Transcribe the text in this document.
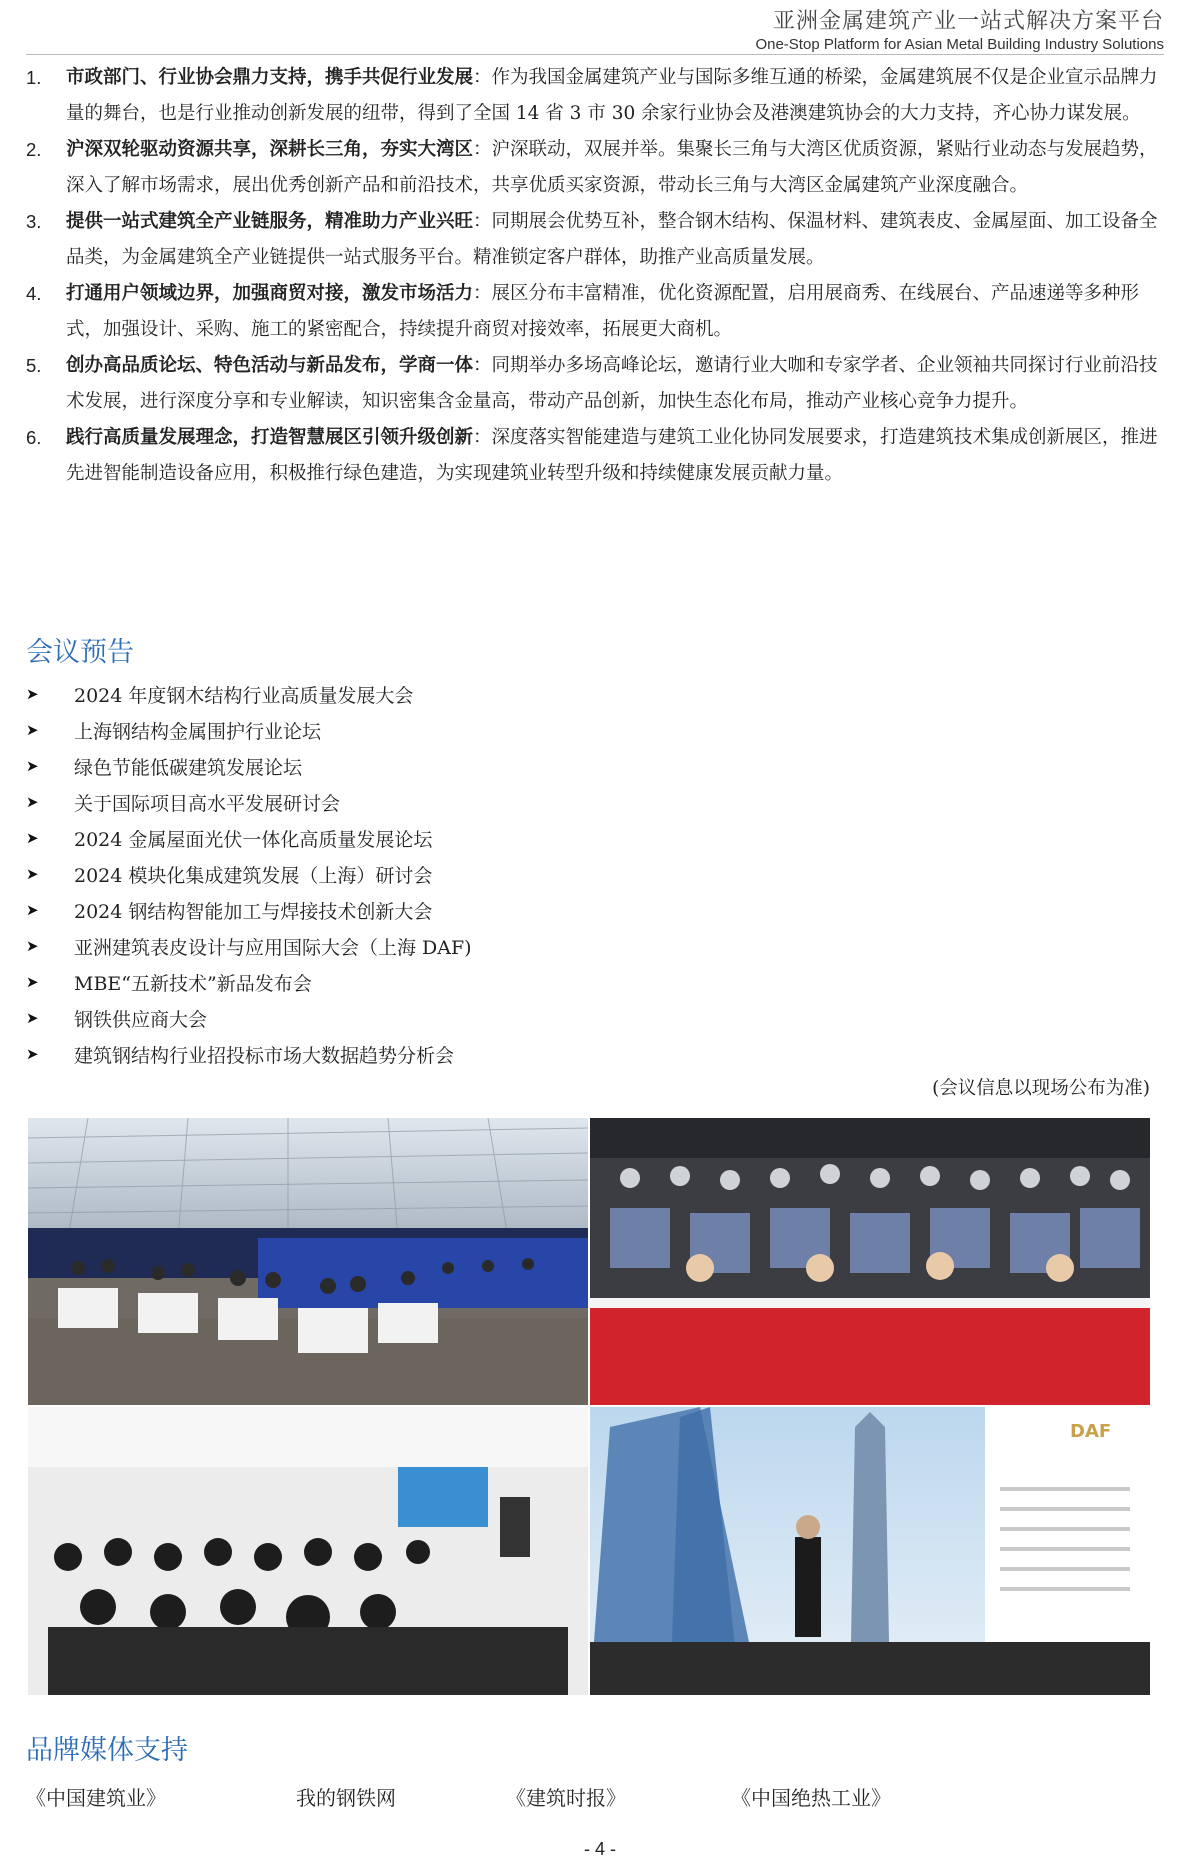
亚洲金属建筑产业一站式解决方案平台
One-Stop Platform for Asian Metal Building Industry Solutions
1.	市政部门、行业协会鼎力支持，携手共促行业发展：作为我国金属建筑产业与国际多维互通的桥梁，金属建筑展不仅是企业宣示品牌力量的舞台，也是行业推动创新发展的纽带，得到了全国 14 省 3 市 30 余家行业协会及港澳建筑协会的大力支持，齐心协力谋发展。
2.	沪深双轮驱动资源共享，深耕长三角，夯实大湾区：沪深联动，双展并举。集聚长三角与大湾区优质资源，紧贴行业动态与发展趋势，深入了解市场需求，展出优秀创新产品和前沿技术，共享优质买家资源，带动长三角与大湾区金属建筑产业深度融合。
3.	提供一站式建筑全产业链服务，精准助力产业兴旺：同期展会优势互补，整合钢木结构、保温材料、建筑表皮、金属屋面、加工设备全品类，为金属建筑全产业链提供一站式服务平台。精准锁定客户群体，助推产业高质量发展。
4.	打通用户领域边界，加强商贸对接，激发市场活力：展区分布丰富精准，优化资源配置，启用展商秀、在线展台、产品速递等多种形式，加强设计、采购、施工的紧密配合，持续提升商贸对接效率，拓展更大商机。
5.	创办高品质论坛、特色活动与新品发布，学商一体：同期举办多场高峰论坛，邀请行业大咖和专家学者、企业领袖共同探讨行业前沿技术发展，进行深度分享和专业解读，知识密集含金量高，带动产品创新，加快生态化布局，推动产业核心竞争力提升。
6.	践行高质量发展理念，打造智慧展区引领升级创新：深度落实智能建造与建筑工业化协同发展要求，打造建筑技术集成创新展区，推进先进智能制造设备应用，积极推行绿色建造，为实现建筑业转型升级和持续健康发展贡献力量。
会议预告
➤	2024 年度钢木结构行业高质量发展大会
➤	上海钢结构金属围护行业论坛
➤	绿色节能低碳建筑发展论坛
➤	关于国际项目高水平发展研讨会
➤	2024 金属屋面光伏一体化高质量发展论坛
➤	2024 模块化集成建筑发展（上海）研讨会
➤	2024 钢结构智能加工与焊接技术创新大会
➤	亚洲建筑表皮设计与应用国际大会（上海 DAF)
➤	MBE“五新技术”新品发布会
➤	钢铁供应商大会
➤	建筑钢结构行业招投标市场大数据趋势分析会
(会议信息以现场公布为准)
DAF
品牌媒体支持
《中国建筑业》	我的钢铁网	《建筑时报》	《中国绝热工业》
- 4 -
